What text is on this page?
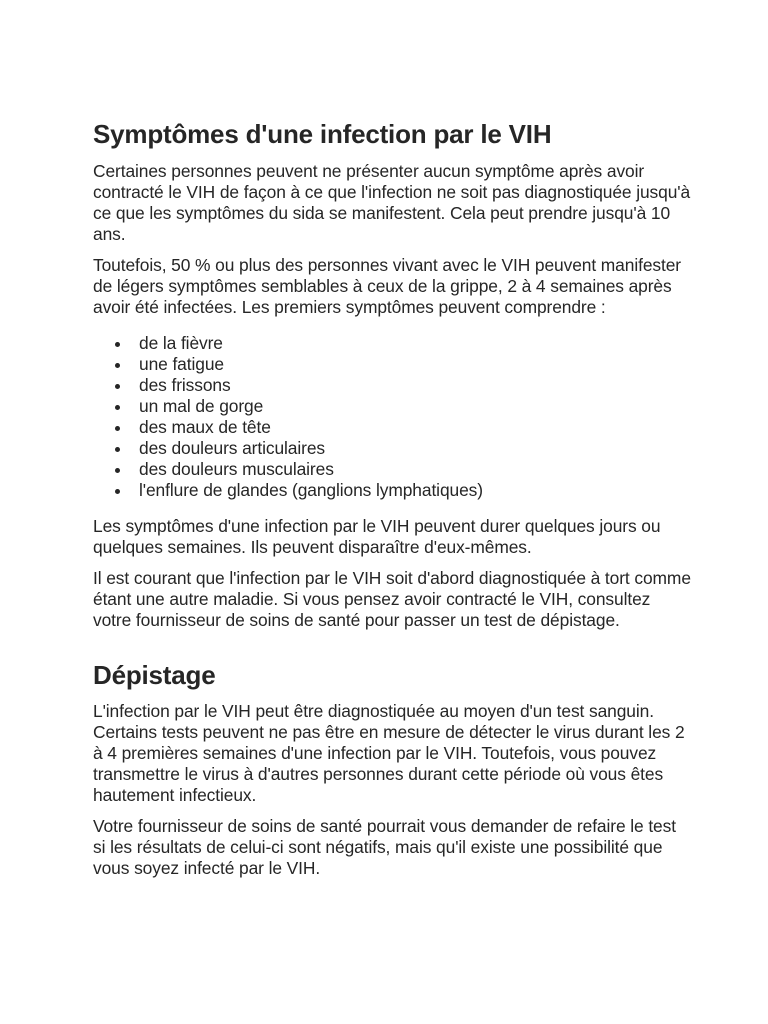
Symptômes d'une infection par le VIH

Certaines personnes peuvent ne présenter aucun symptôme après avoir contracté le VIH de façon à ce que l'infection ne soit pas diagnostiquée jusqu'à ce que les symptômes du sida se manifestent. Cela peut prendre jusqu'à 10 ans.

Toutefois, 50 % ou plus des personnes vivant avec le VIH peuvent manifester de légers symptômes semblables à ceux de la grippe, 2 à 4 semaines après avoir été infectées. Les premiers symptômes peuvent comprendre :

de la fièvre
une fatigue
des frissons
un mal de gorge
des maux de tête
des douleurs articulaires
des douleurs musculaires
l'enflure de glandes (ganglions lymphatiques)

Les symptômes d'une infection par le VIH peuvent durer quelques jours ou quelques semaines. Ils peuvent disparaître d'eux-mêmes.

Il est courant que l'infection par le VIH soit d'abord diagnostiquée à tort comme étant une autre maladie. Si vous pensez avoir contracté le VIH, consultez votre fournisseur de soins de santé pour passer un test de dépistage.

Dépistage

L'infection par le VIH peut être diagnostiquée au moyen d'un test sanguin. Certains tests peuvent ne pas être en mesure de détecter le virus durant les 2 à 4 premières semaines d'une infection par le VIH. Toutefois, vous pouvez transmettre le virus à d'autres personnes durant cette période où vous êtes hautement infectieux.

Votre fournisseur de soins de santé pourrait vous demander de refaire le test si les résultats de celui-ci sont négatifs, mais qu'il existe une possibilité que vous soyez infecté par le VIH.
